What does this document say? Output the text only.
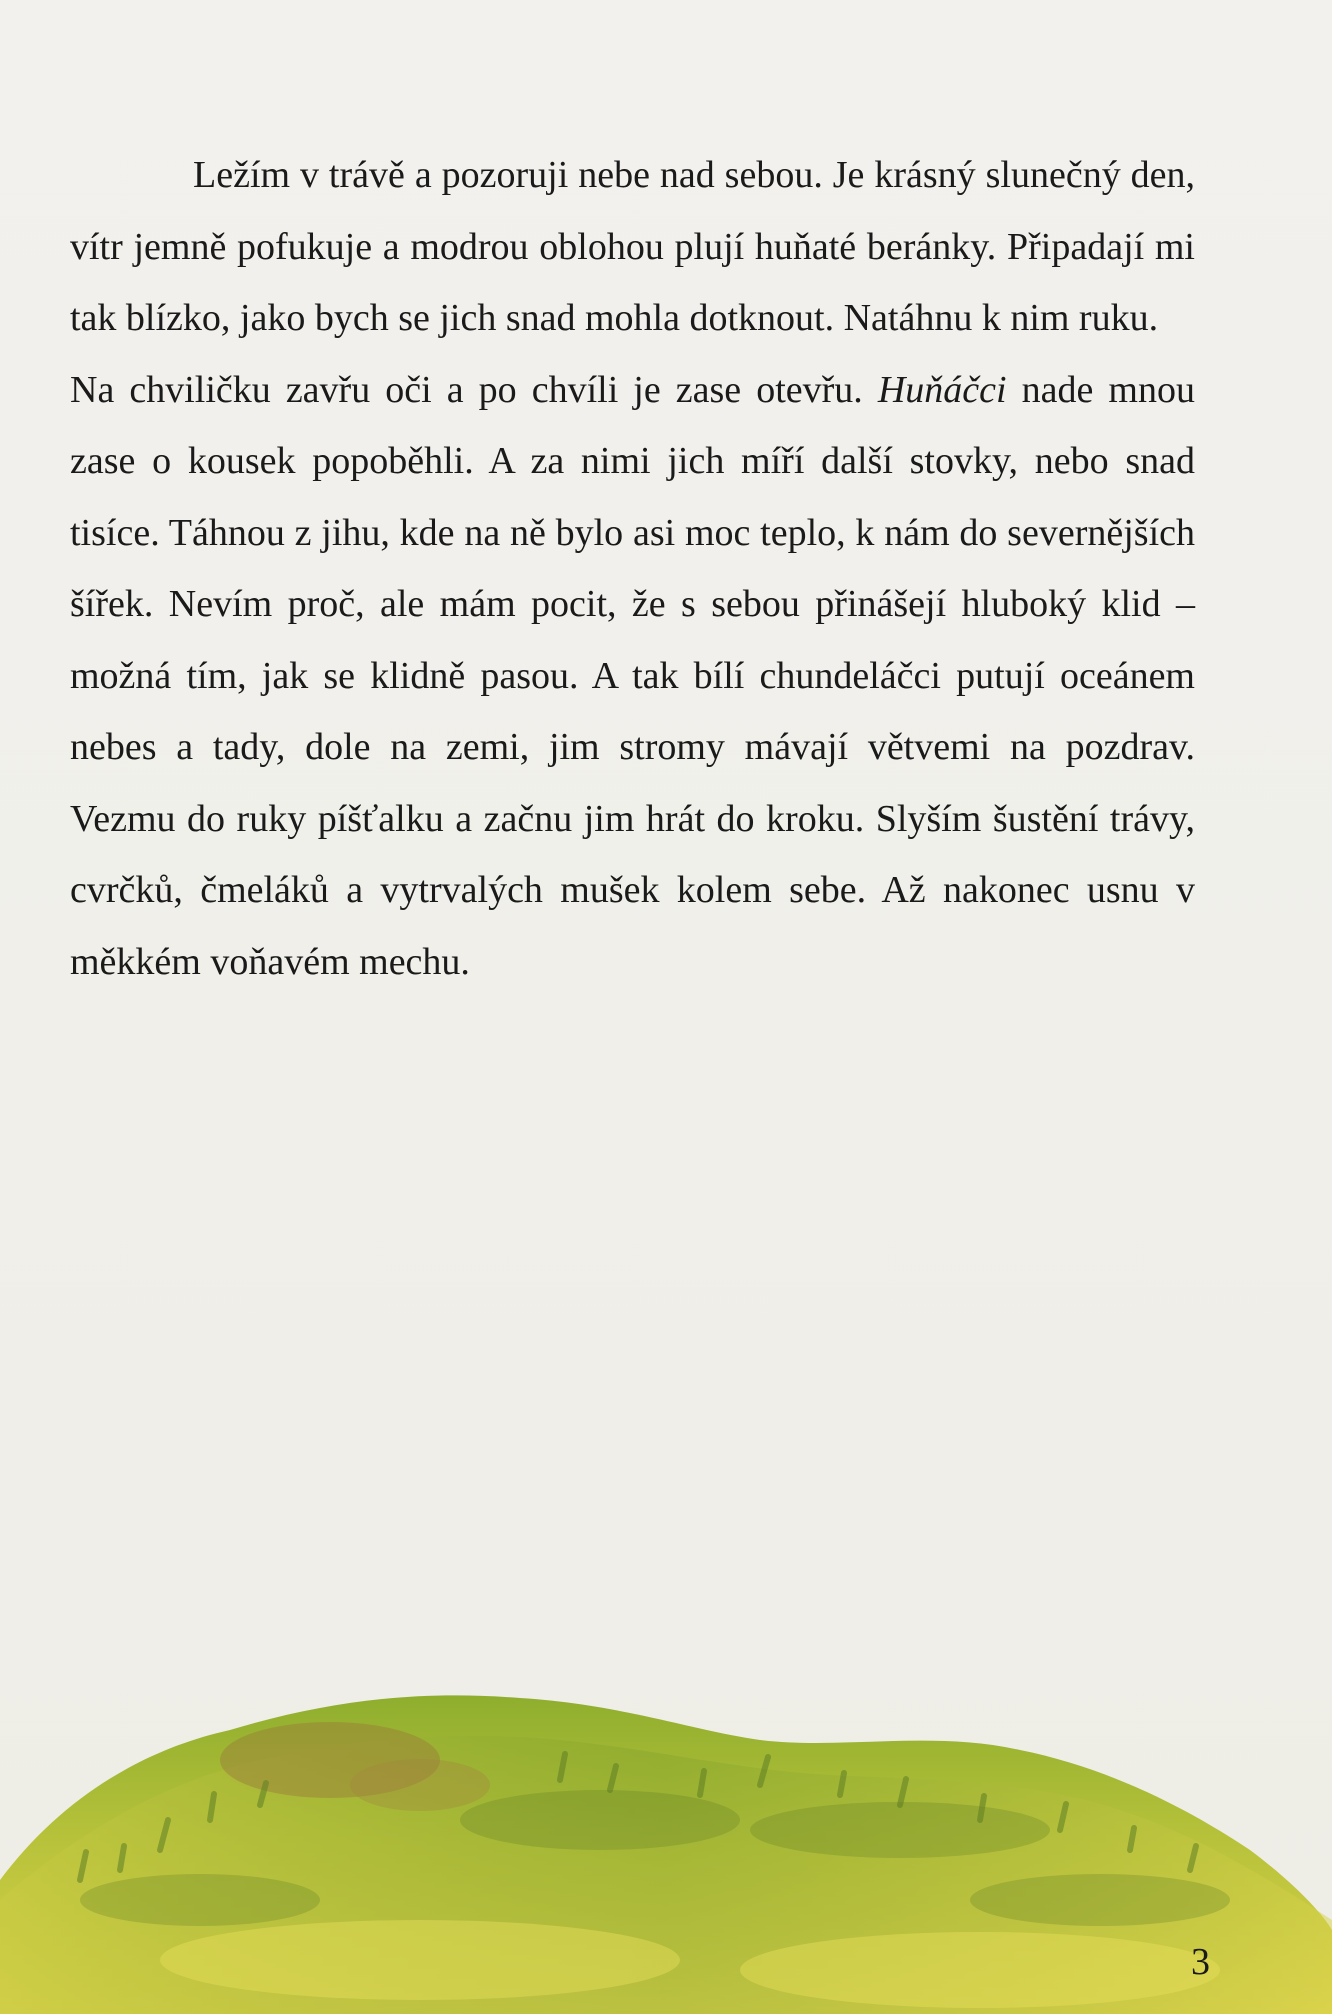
Ležím v trávě a pozoruji nebe nad sebou. Je krásný slunečný den, vítr jemně pofukuje a modrou oblohou plují huňaté beránky. Připadají mi tak blízko, jako bych se jich snad mohla dotknout. Natáhnu k nim ruku.

Na chviličku zavřu oči a po chvíli je zase otevřu. Huňáčci nade mnou zase o kousek popoběhli. A za nimi jich míří další stovky, nebo snad tisíce. Táhnou z jihu, kde na ně bylo asi moc teplo, k nám do severnějších šířek. Nevím proč, ale mám pocit, že s sebou přinášejí hluboký klid – možná tím, jak se klidně pasou. A tak bílí chundeláčci putují oceánem nebes a tady, dole na zemi, jim stromy mávají větvemi na pozdrav. Vezmu do ruky píšťalku a začnu jim hrát do kroku. Slyším šustění trávy, cvrčků, čmeláků a vytrvalých mušek kolem sebe. Až nakonec usnu v měkkém voňavém mechu.

3
